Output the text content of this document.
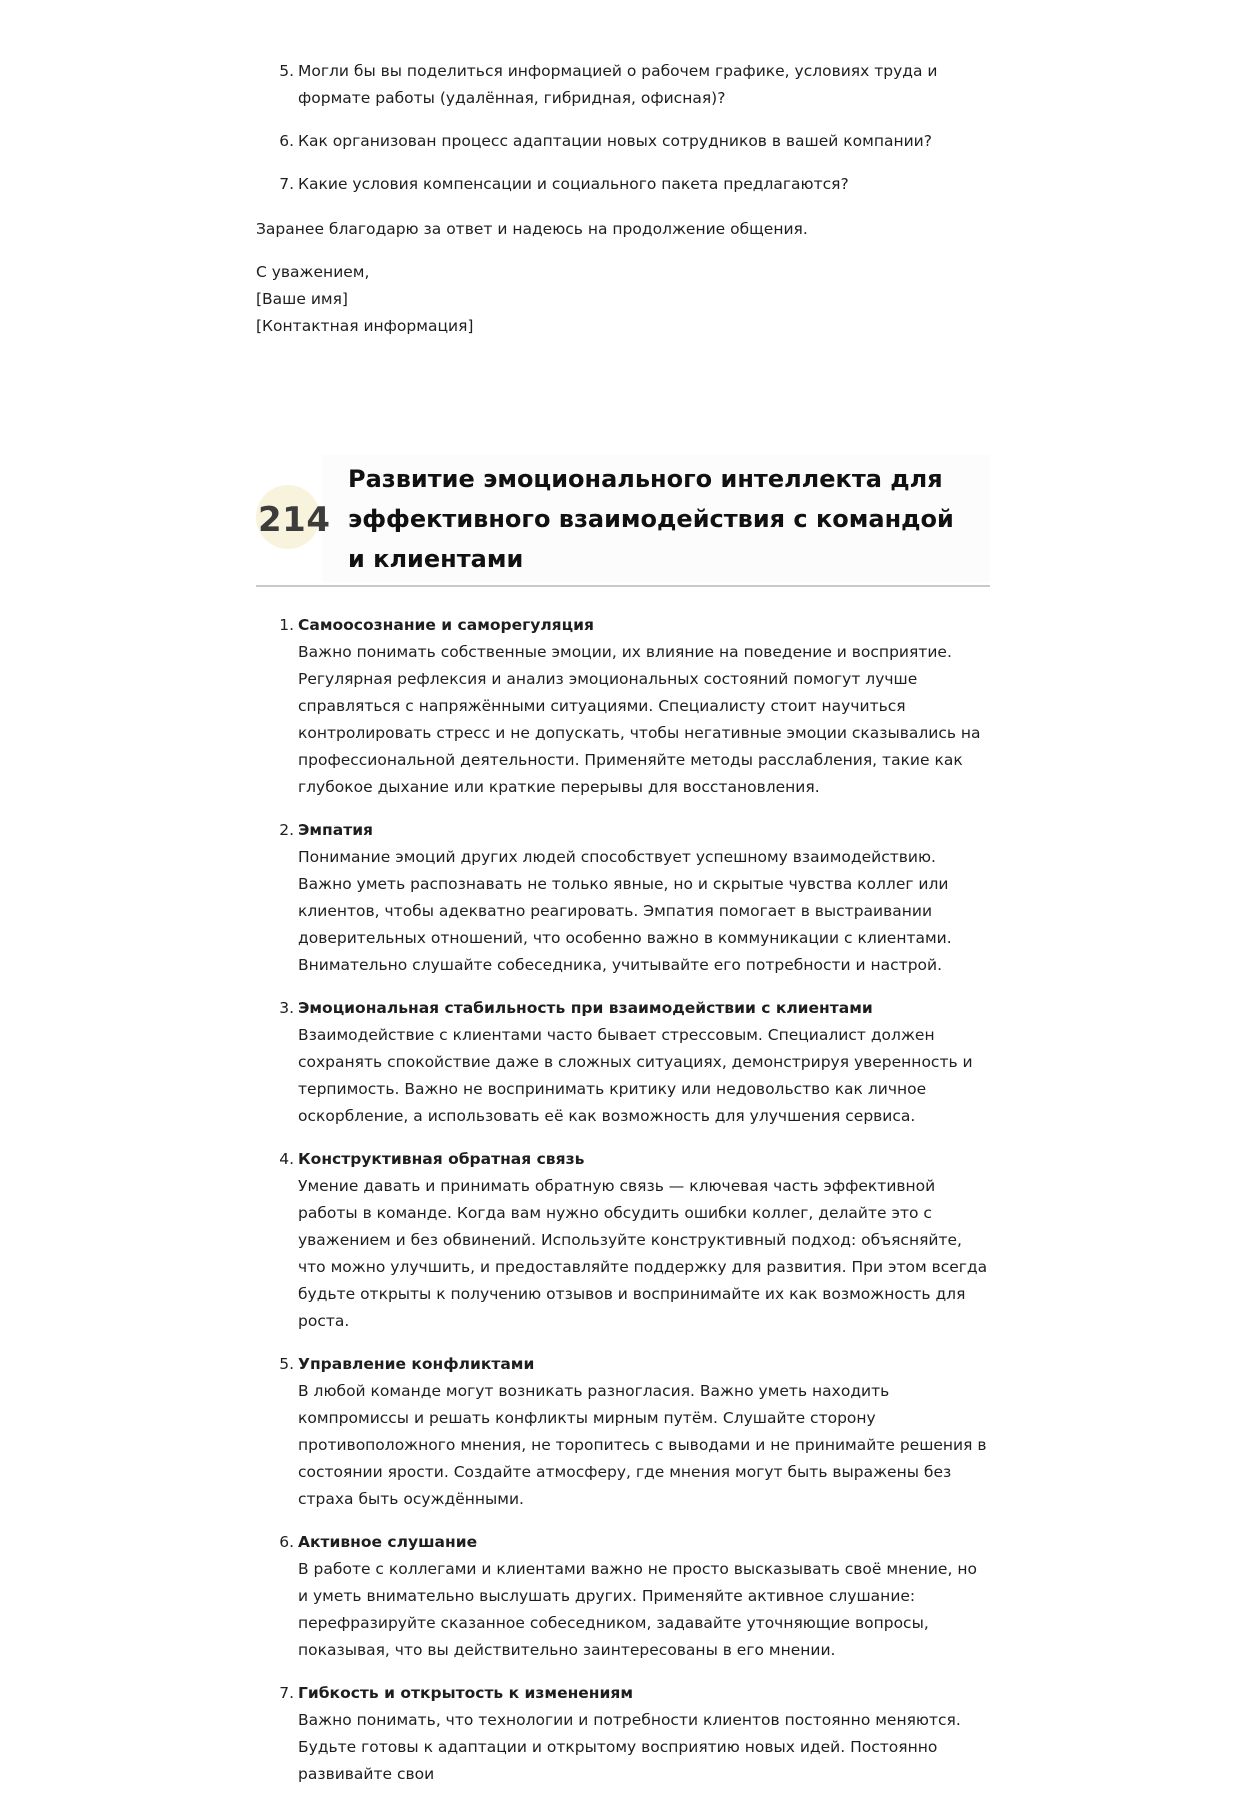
5. Могли бы вы поделиться информацией о рабочем графике, условиях труда и формате работы (удалённая, гибридная, офисная)?
6. Как организован процесс адаптации новых сотрудников в вашей компании?
7. Какие условия компенсации и социального пакета предлагаются?

Заранее благодарю за ответ и надеюсь на продолжение общения.

С уважением,
[Ваше имя]
[Контактная информация]
214
Развитие эмоционального интеллекта для эффективного взаимодействия с командой и клиентами
1. Самоосознание и саморегуляция
Важно понимать собственные эмоции, их влияние на поведение и восприятие. Регулярная рефлексия и анализ эмоциональных состояний помогут лучше справляться с напряжёнными ситуациями. Специалисту стоит научиться контролировать стресс и не допускать, чтобы негативные эмоции сказывались на профессиональной деятельности. Применяйте методы расслабления, такие как глубокое дыхание или краткие перерывы для восстановления.
2. Эмпатия
Понимание эмоций других людей способствует успешному взаимодействию. Важно уметь распознавать не только явные, но и скрытые чувства коллег или клиентов, чтобы адекватно реагировать. Эмпатия помогает в выстраивании доверительных отношений, что особенно важно в коммуникации с клиентами. Внимательно слушайте собеседника, учитывайте его потребности и настрой.
3. Эмоциональная стабильность при взаимодействии с клиентами
Взаимодействие с клиентами часто бывает стрессовым. Специалист должен сохранять спокойствие даже в сложных ситуациях, демонстрируя уверенность и терпимость. Важно не воспринимать критику или недовольство как личное оскорбление, а использовать её как возможность для улучшения сервиса.
4. Конструктивная обратная связь
Умение давать и принимать обратную связь — ключевая часть эффективной работы в команде. Когда вам нужно обсудить ошибки коллег, делайте это с уважением и без обвинений. Используйте конструктивный подход: объясняйте, что можно улучшить, и предоставляйте поддержку для развития. При этом всегда будьте открыты к получению отзывов и воспринимайте их как возможность для роста.
5. Управление конфликтами
В любой команде могут возникать разногласия. Важно уметь находить компромиссы и решать конфликты мирным путём. Слушайте сторону противоположного мнения, не торопитесь с выводами и не принимайте решения в состоянии ярости. Создайте атмосферу, где мнения могут быть выражены без страха быть осуждёнными.
6. Активное слушание
В работе с коллегами и клиентами важно не просто высказывать своё мнение, но и уметь внимательно выслушать других. Применяйте активное слушание: перефразируйте сказанное собеседником, задавайте уточняющие вопросы, показывая, что вы действительно заинтересованы в его мнении.
7. Гибкость и открытость к изменениям
Важно понимать, что технологии и потребности клиентов постоянно меняются. Будьте готовы к адаптации и открытому восприятию новых идей. Постоянно развивайте свои
